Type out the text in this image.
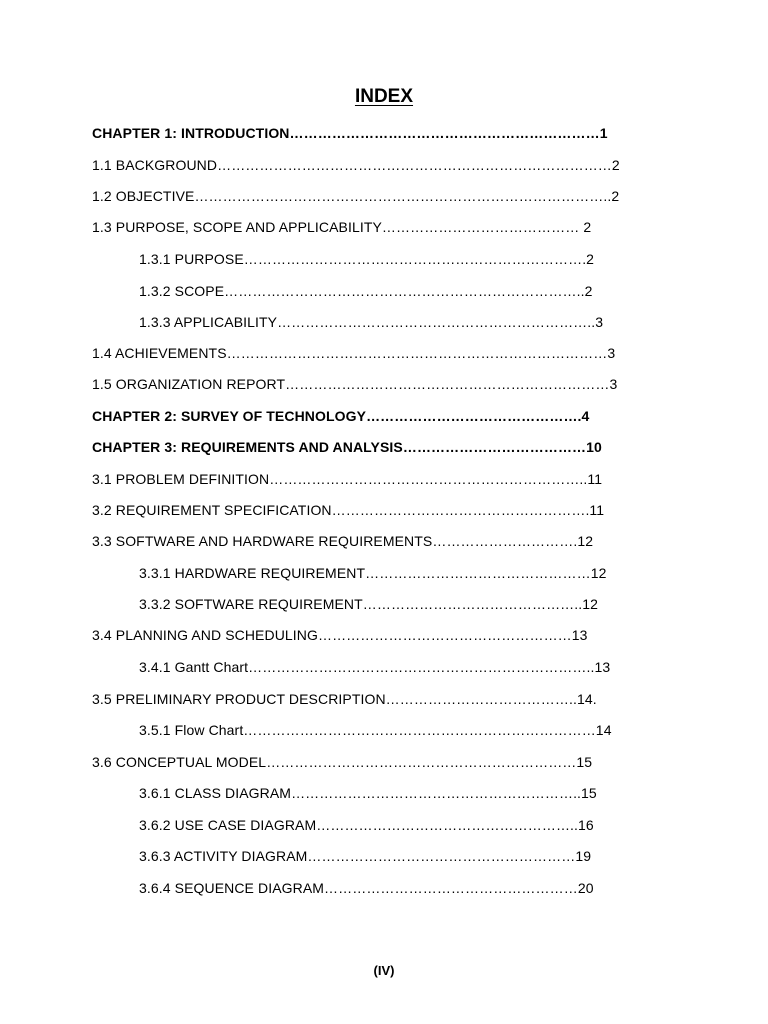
INDEX
CHAPTER 1: INTRODUCTION…………………………………………………………1
1.1 BACKGROUND…………………………………………………………………………2
1.2 OBJECTIVE……………………………………………………………………………..2
1.3 PURPOSE, SCOPE AND APPLICABILITY…………………………………… 2
1.3.1 PURPOSE……………………………………………………………….2
1.3.2 SCOPE…………………………………………………………………..2
1.3.3 APPLICABILITY…………………………………………………………..3
1.4 ACHIEVEMENTS………………………………………………………………………3
1.5 ORGANIZATION REPORT……………………………………………………………3
CHAPTER 2: SURVEY OF TECHNOLOGY……………………………………….4
CHAPTER 3: REQUIREMENTS AND ANALYSIS…………………………………10
3.1 PROBLEM DEFINITION…………………………………………………………..11
3.2 REQUIREMENT SPECIFICATION……………………………………………….11
3.3 SOFTWARE AND HARDWARE REQUIREMENTS………………………….12
3.3.1 HARDWARE REQUIREMENT…………………………………………12
3.3.2 SOFTWARE REQUIREMENT………………………………………..12
3.4 PLANNING AND SCHEDULING………………………………………………13
3.4.1 Gantt Chart………………………………………………………………..13
3.5 PRELIMINARY PRODUCT DESCRIPTION…………………………………..14.
3.5.1 Flow Chart…………………………………………………………………14
3.6 CONCEPTUAL MODEL…………………………………………………………15
3.6.1 CLASS DIAGRAM……………………………………………………..15
3.6.2 USE CASE DIAGRAM………………………………………………..16
3.6.3 ACTIVITY DIAGRAM…………………………………………………19
3.6.4 SEQUENCE DIAGRAM………………………………………………20
(IV)
